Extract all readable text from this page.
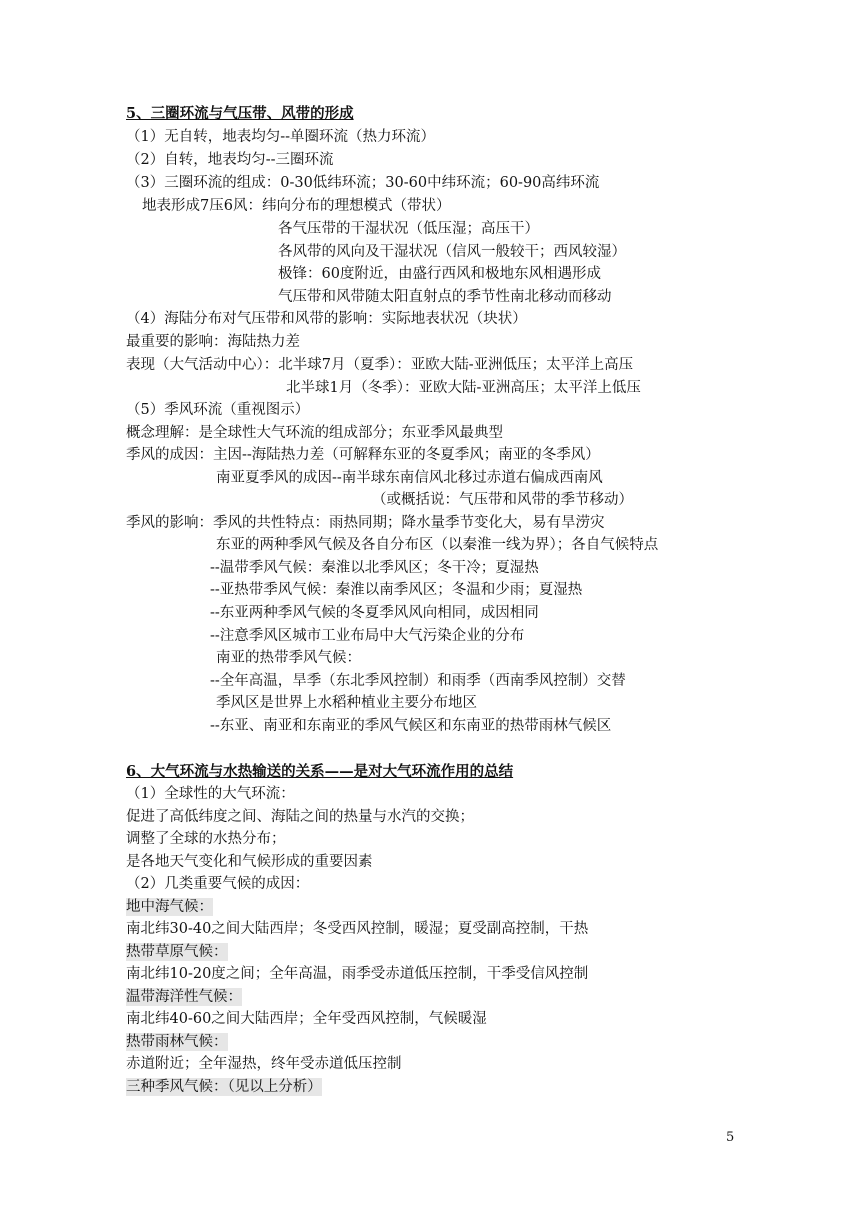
5、三圈环流与气压带、风带的形成
（1）无自转，地表均匀--单圈环流（热力环流）
（2）自转，地表均匀--三圈环流
（3）三圈环流的组成：0-30低纬环流；30-60中纬环流；60-90高纬环流
地表形成7压6风：纬向分布的理想模式（带状）
各气压带的干湿状况（低压湿；高压干）
各风带的风向及干湿状况（信风一般较干；西风较湿）
极锋：60度附近，由盛行西风和极地东风相遇形成
气压带和风带随太阳直射点的季节性南北移动而移动
（4）海陆分布对气压带和风带的影响：实际地表状况（块状）
最重要的影响：海陆热力差
表现（大气活动中心）：北半球7月（夏季）：亚欧大陆-亚洲低压；太平洋上高压
北半球1月（冬季）：亚欧大陆-亚洲高压；太平洋上低压
（5）季风环流（重视图示）
概念理解：是全球性大气环流的组成部分；东亚季风最典型
季风的成因：主因--海陆热力差（可解释东亚的冬夏季风；南亚的冬季风）
南亚夏季风的成因--南半球东南信风北移过赤道右偏成西南风
（或概括说：气压带和风带的季节移动）
季风的影响：季风的共性特点：雨热同期；降水量季节变化大，易有旱涝灾
东亚的两种季风气候及各自分布区（以秦淮一线为界）；各自气候特点
--温带季风气候：秦淮以北季风区；冬干冷；夏湿热
--亚热带季风气候：秦淮以南季风区；冬温和少雨；夏湿热
--东亚两种季风气候的冬夏季风风向相同，成因相同
--注意季风区城市工业布局中大气污染企业的分布
南亚的热带季风气候：
--全年高温，旱季（东北季风控制）和雨季（西南季风控制）交替
季风区是世界上水稻种植业主要分布地区
--东亚、南亚和东南亚的季风气候区和东南亚的热带雨林气候区
6、大气环流与水热输送的关系——是对大气环流作用的总结
（1）全球性的大气环流：
促进了高低纬度之间、海陆之间的热量与水汽的交换；
调整了全球的水热分布；
是各地天气变化和气候形成的重要因素
（2）几类重要气候的成因：
地中海气候：
南北纬30-40之间大陆西岸；冬受西风控制，暖湿；夏受副高控制，干热
热带草原气候：
南北纬10-20度之间；全年高温，雨季受赤道低压控制，干季受信风控制
温带海洋性气候：
南北纬40-60之间大陆西岸；全年受西风控制，气候暖湿
热带雨林气候：
赤道附近；全年湿热，终年受赤道低压控制
三种季风气候：（见以上分析）
5
